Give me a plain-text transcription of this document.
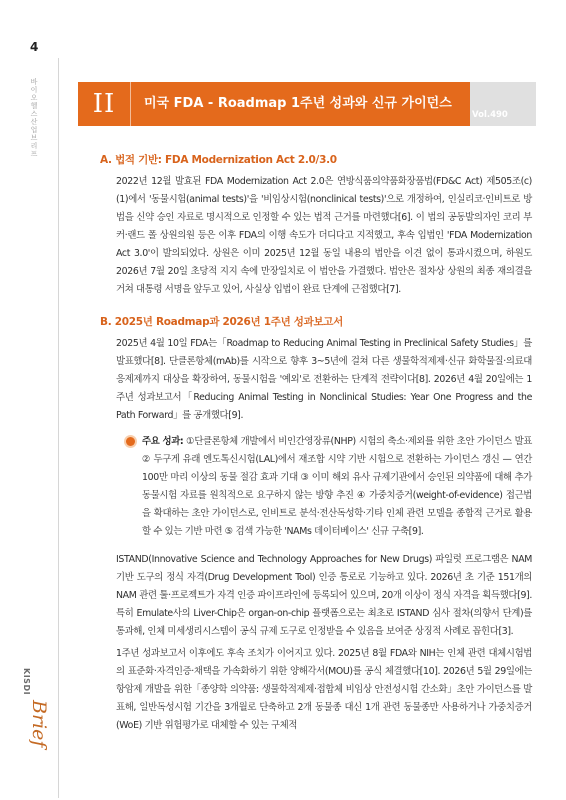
4
바이오헬스산업브리프
KISDI
Brief
II 미국 FDA - Roadmap 1주년 성과와 신규 가이던스
Vol.490
A. 법적 기반: FDA Modernization Act 2.0/3.0

2022년 12월 발효된 FDA Modernization Act 2.0은 연방식품의약품화장품법(FD&C Act) 제505조(c)(1)에서 '동물시험(animal tests)'을 '비임상시험(nonclinical tests)'으로 개정하여, 인실리코·인비트로 방법을 신약 승인 자료로 명시적으로 인정할 수 있는 법적 근거를 마련했다[6]. 이 법의 공동발의자인 코리 부커·랜드 폴 상원의원 등은 이후 FDA의 이행 속도가 더디다고 지적했고, 후속 입법인 'FDA Modernization Act 3.0'이 발의되었다. 상원은 이미 2025년 12월 동일 내용의 법안을 이견 없이 통과시켰으며, 하원도 2026년 7월 20일 초당적 지지 속에 만장일치로 이 법안을 가결했다. 법안은 절차상 상원의 최종 재의결을 거쳐 대통령 서명을 앞두고 있어, 사실상 입법이 완료 단계에 근접했다[7].

B. 2025년 Roadmap과 2026년 1주년 성과보고서

2025년 4월 10일 FDA는「Roadmap to Reducing Animal Testing in Preclinical Safety Studies」를 발표했다[8]. 단클론항체(mAb)를 시작으로 향후 3~5년에 걸쳐 다른 생물학적제제·신규 화학물질·의료대응제제까지 대상을 확장하여, 동물시험을 '예외'로 전환하는 단계적 전략이다[8]. 2026년 4월 20일에는 1주년 성과보고서「Reducing Animal Testing in Nonclinical Studies: Year One Progress and the Path Forward」를 공개했다[9].

주요 성과: ①단클론항체 개발에서 비인간영장류(NHP) 시험의 축소·제외를 위한 초안 가이던스 발표 ② 두구게 유래 엔도톡신시험(LAL)에서 재조합 시약 기반 시험으로 전환하는 가이던스 갱신 — 연간 100만 마리 이상의 동물 절감 효과 기대 ③ 이미 해외 유사 규제기관에서 승인된 의약품에 대해 추가 동물시험 자료를 원칙적으로 요구하지 않는 방향 추진 ④ 가중치증거(weight-of-evidence) 접근법을 확대하는 초안 가이던스로, 인비트로 분석·전산독성학·기타 인체 관련 모델을 종합적 근거로 활용할 수 있는 기반 마련 ⑤ 검색 가능한 'NAMs 데이터베이스' 신규 구축[9].

ISTAND(Innovative Science and Technology Approaches for New Drugs) 파일럿 프로그램은 NAM 기반 도구의 정식 자격(Drug Development Tool) 인증 통로로 기능하고 있다. 2026년 초 기준 151개의 NAM 관련 툴·프로젝트가 자격 인증 파이프라인에 등록되어 있으며, 20개 이상이 정식 자격을 획득했다[9]. 특히 Emulate사의 Liver-Chip은 organ-on-chip 플랫폼으로는 최초로 ISTAND 심사 절차(의향서 단계)를 통과해, 인체 미세생리시스템이 공식 규제 도구로 인정받을 수 있음을 보여준 상징적 사례로 꼽힌다[3].

1주년 성과보고서 이후에도 후속 조치가 이어지고 있다. 2025년 8월 FDA와 NIH는 인체 관련 대체시험법의 표준화·자격인증·채택을 가속화하기 위한 양해각서(MOU)를 공식 체결했다[10]. 2026년 5월 29일에는 항암제 개발을 위한「종양학 의약품: 생물학적제제·접합체 비임상 안전성시험 간소화」초안 가이던스를 발표해, 일반독성시험 기간을 3개월로 단축하고 2개 동물종 대신 1개 관련 동물종만 사용하거나 가중치증거(WoE) 기반 위험평가로 대체할 수 있는 구체적
